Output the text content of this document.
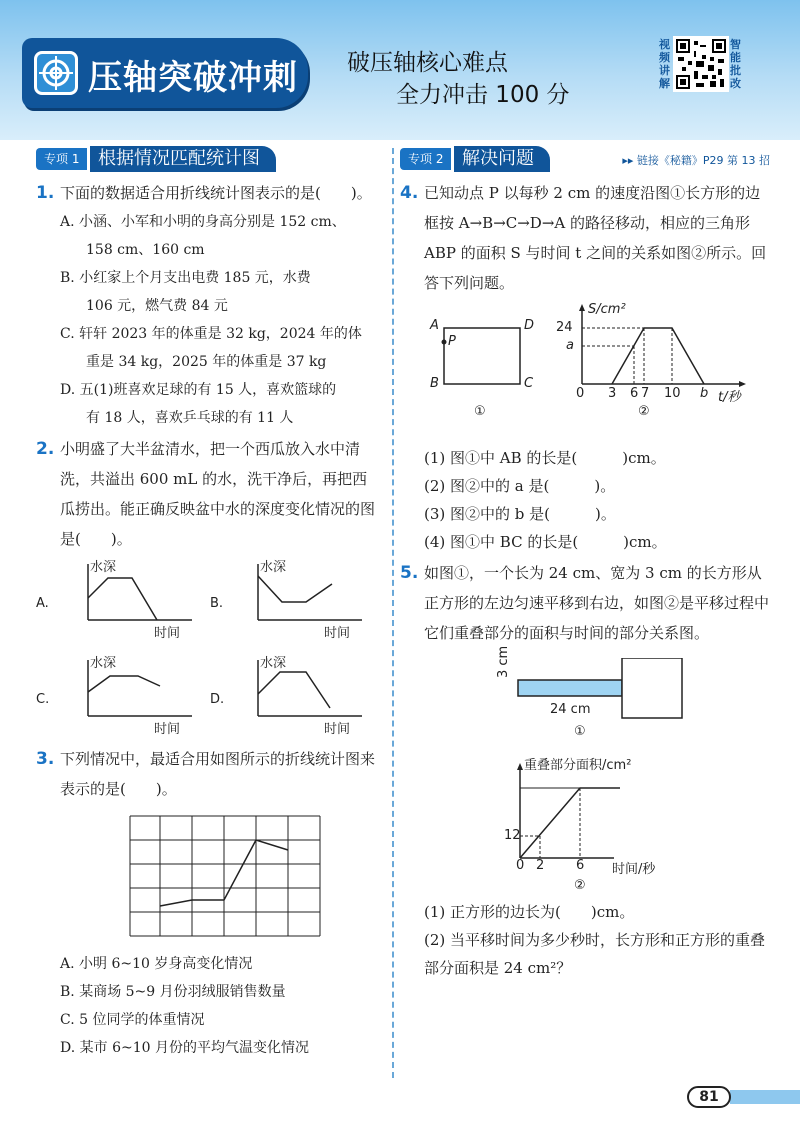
压轴突破冲刺 破压轴核心难点
全力冲击 100 分
视频讲解
智能批改
专项 1	根据情况匹配统计图
1. 下面的数据适合用折线统计图表示的是(　　)。
A. 小涵、小军和小明的身高分别是 152 cm、
158 cm、160 cm
B. 小红家上个月支出电费 185 元，水费
106 元，燃气费 84 元
C. 轩轩 2023 年的体重是 32 kg，2024 年的体
重是 34 kg，2025 年的体重是 37 kg
D. 五(1)班喜欢足球的有 15 人，喜欢篮球的
有 18 人，喜欢乒乓球的有 11 人
2. 小明盛了大半盆清水，把一个西瓜放入水中清洗，共溢出 600 mL 的水，洗干净后，再把西瓜捞出。能正确反映盆中水的深度变化情况的图是(　　)。
A.
水深
时间
B.
水深
时间
C.
水深
时间
D.
水深
时间
3. 下列情况中，最适合用如图所示的折线统计图来表示的是(　　)。
A. 小明 6~10 岁身高变化情况
B. 某商场 5~9 月份羽绒服销售数量
C. 5 位同学的体重情况
D. 某市 6~10 月份的平均气温变化情况
专项 2	解决问题	▸▸ 链接《秘籍》P29 第 13 招
4. 已知动点 P 以每秒 2 cm 的速度沿图①长方形的边框按 A→B→C→D→A 的路径移动，相应的三角形 ABP 的面积 S 与时间 t 之间的关系如图②所示。回答下列问题。
A
P
B	C
D
①
S/cm²
24
a
0 3 6 7 10 b t/秒
②
(1) 图①中 AB 的长是(　　　)cm。
(2) 图②中的 a 是(　　　)。
(3) 图②中的 b 是(　　　)。
(4) 图①中 BC 的长是(　　　)cm。
5. 如图①，一个长为 24 cm、宽为 3 cm 的长方形从正方形的左边匀速平移到右边，如图②是平移过程中它们重叠部分的面积与时间的部分关系图。
3 cm
24 cm
①
重叠部分面积/cm²
12
0 2 6 时间/秒
②
(1) 正方形的边长为(　　)cm。
(2) 当平移时间为多少秒时，长方形和正方形的重叠部分面积是 24 cm²？
81
